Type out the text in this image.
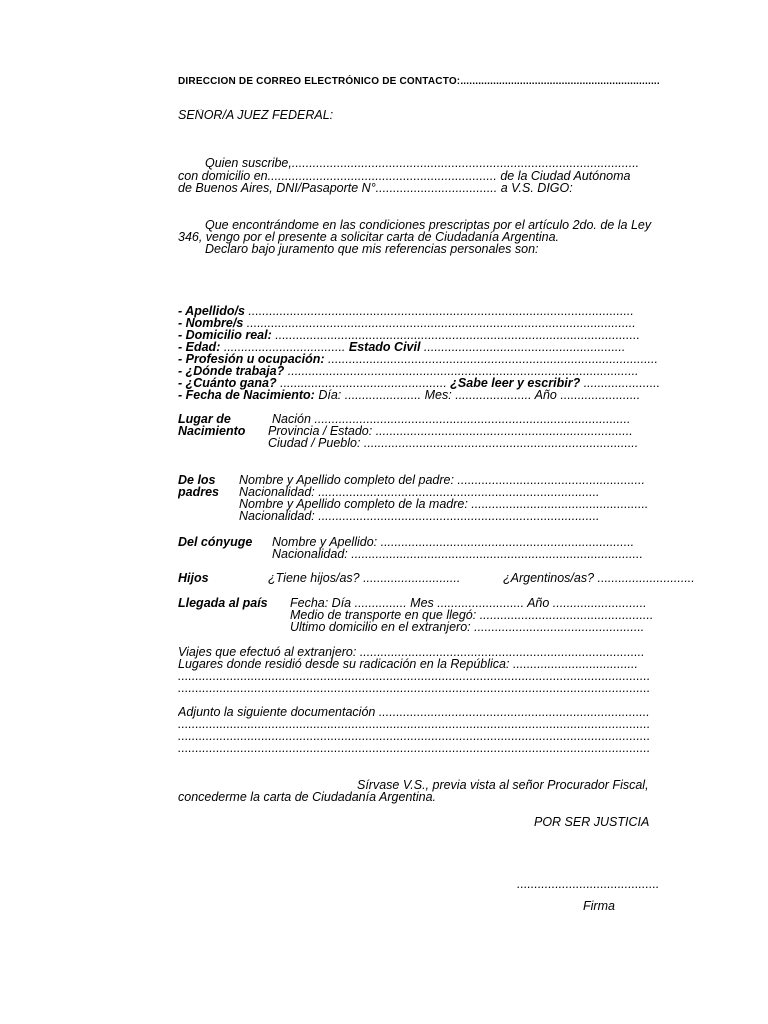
DIRECCION DE CORREO ELECTRÓNICO DE CONTACTO:...................................................................
SEÑOR/A JUEZ FEDERAL:
Quien suscribe,....................................................................................................
con domicilio en.................................................................. de la Ciudad Autónoma
de Buenos Aires, DNI/Pasaporte N°................................... a V.S. DIGO:
Que encontrándome en las condiciones prescriptas por el artículo 2do. de la Ley
346, vengo por el presente a solicitar carta de Ciudadanía Argentina.
Declaro bajo juramento que mis referencias personales son:
- Apellido/s ...............................................................................................................
- Nombre/s ................................................................................................................
- Domicilio real: .........................................................................................................
- Edad: ................................... Estado Civil ..........................................................
- Profesión u ocupación: ...............................................................................................
- ¿Dónde trabaja? .....................................................................................................
- ¿Cuánto gana? ................................................ ¿Sabe leer y escribir? ......................
- Fecha de Nacimiento: Día: ...................... Mes: ...................... Año .......................
Lugar de
Nacimiento
Nación ...........................................................................................
Provincia / Estado: ..........................................................................
Ciudad / Pueblo: ...............................................................................
De los
padres
Nombre y Apellido completo del padre: ......................................................
Nacionalidad: .................................................................................
Nombre y Apellido completo de la madre: ...................................................
Nacionalidad: .................................................................................
Del cónyuge Nombre y Apellido: .........................................................................
Nacionalidad: ....................................................................................
Hijos	¿Tiene hijos/as? ............................	¿Argentinos/as? ............................
Llegada al país Fecha: Día ............... Mes ......................... Año ...........................
Medio de transporte en que llegó: ..................................................
Último domicilio en el extranjero: .................................................
Viajes que efectuó al extranjero: ..................................................................................
Lugares donde residió desde su radicación en la República: ....................................
........................................................................................................................................
........................................................................................................................................
Adjunto la siguiente documentación ..............................................................................
........................................................................................................................................
........................................................................................................................................
........................................................................................................................................
Sírvase V.S., previa vista al señor Procurador Fiscal,
concederme la carta de Ciudadanía Argentina.
POR SER JUSTICIA
.........................................
Firma
